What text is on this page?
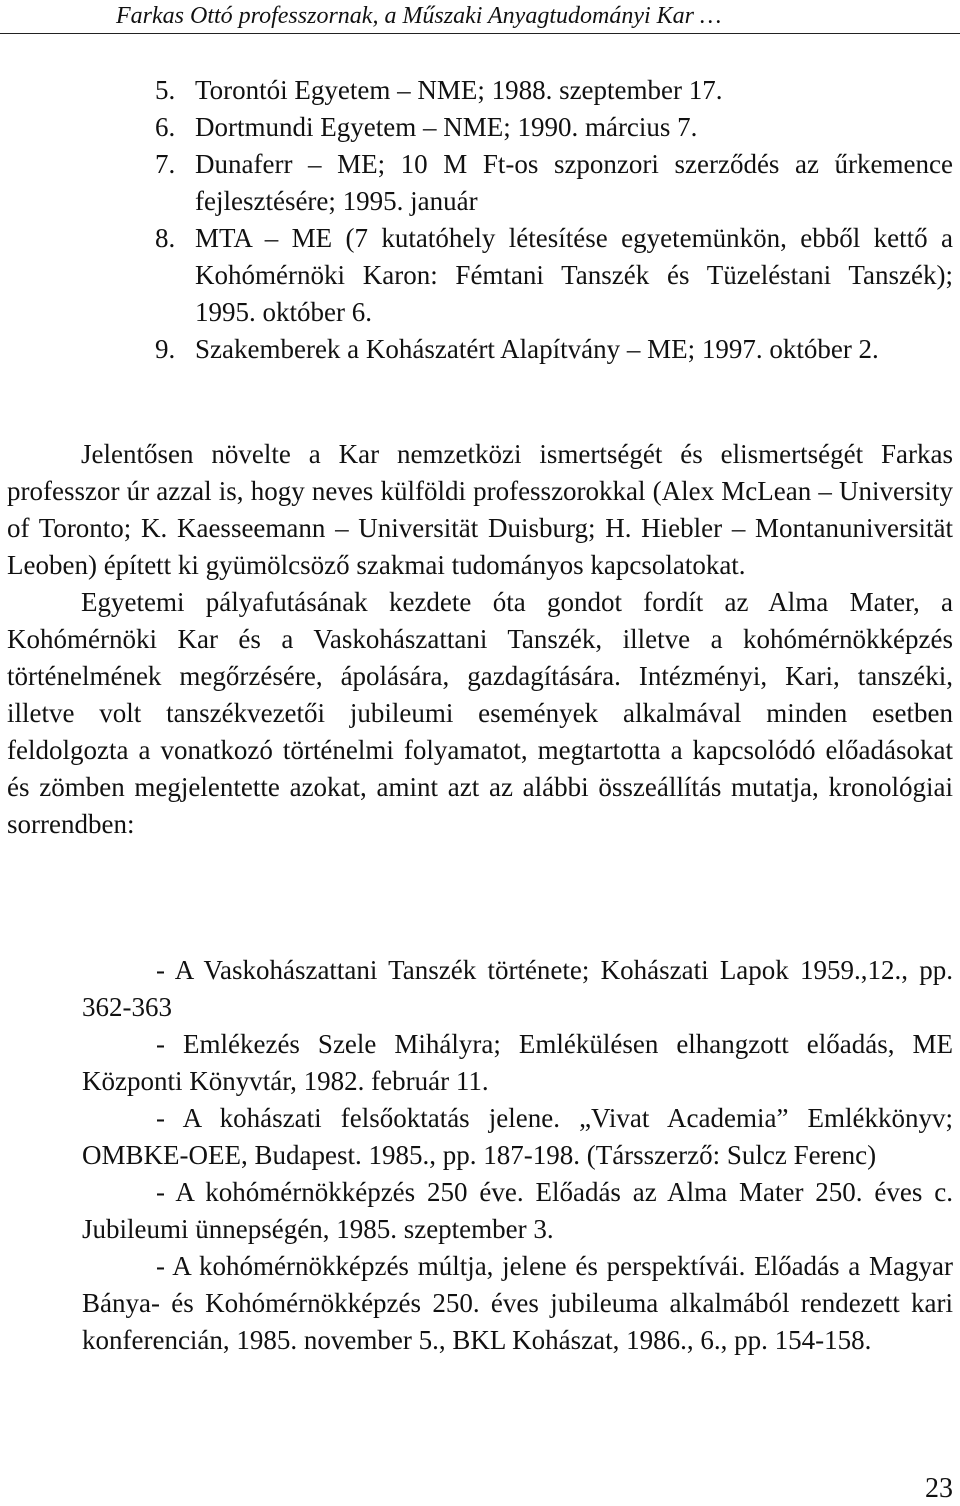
Farkas Ottó professzornak, a Műszaki Anyagtudományi Kar …
5. Torontói Egyetem – NME; 1988. szeptember 17.
6. Dortmundi Egyetem – NME; 1990. március 7.
7. Dunaferr – ME; 10 M Ft-os szponzori szerződés az űrkemence fejlesztésére; 1995. január
8. MTA – ME (7 kutatóhely létesítése egyetemünkön, ebből kettő a Kohómérnöki Karon: Fémtani Tanszék és Tüzeléstani Tanszék); 1995. október 6.
9. Szakemberek a Kohászatért Alapítvány – ME; 1997. október 2.

Jelentősen növelte a Kar nemzetközi ismertségét és elismertségét Farkas professzor úr azzal is, hogy neves külföldi professzorokkal (Alex McLean – University of Toronto; K. Kaesseemann – Universität Duisburg; H. Hiebler – Montanuniversität Leoben) épített ki gyümölcsöző szakmai tudományos kapcsolatokat.

Egyetemi pályafutásának kezdete óta gondot fordít az Alma Mater, a Kohómérnöki Kar és a Vaskohászattani Tanszék, illetve a kohómérnökképzés történelmének megőrzésére, ápolására, gazdagítására. Intézményi, Kari, tanszéki, illetve volt tanszékvezetői jubileumi események alkalmával minden esetben feldolgozta a vonatkozó történelmi folyamatot, megtartotta a kapcsolódó előadásokat és zömben megjelentette azokat, amint azt az alábbi összeállítás mutatja, kronológiai sorrendben:

- A Vaskohászattani Tanszék története; Kohászati Lapok 1959.,12., pp. 362-363

- Emlékezés Szele Mihályra; Emlékülésen elhangzott előadás, ME Központi Könyvtár, 1982. február 11.

- A kohászati felsőoktatás jelene. „Vivat Academia” Emlékkönyv; OMBKE-OEE, Budapest. 1985., pp. 187-198. (Társszerző: Sulcz Ferenc)

- A kohómérnökképzés 250 éve. Előadás az Alma Mater 250. éves c. Jubileumi ünnepségén, 1985. szeptember 3.

- A kohómérnökképzés múltja, jelene és perspektívái. Előadás a Magyar Bánya- és Kohómérnökképzés 250. éves jubileuma alkalmából rendezett kari konferencián, 1985. november 5., BKL Kohászat, 1986., 6., pp. 154-158.

23
